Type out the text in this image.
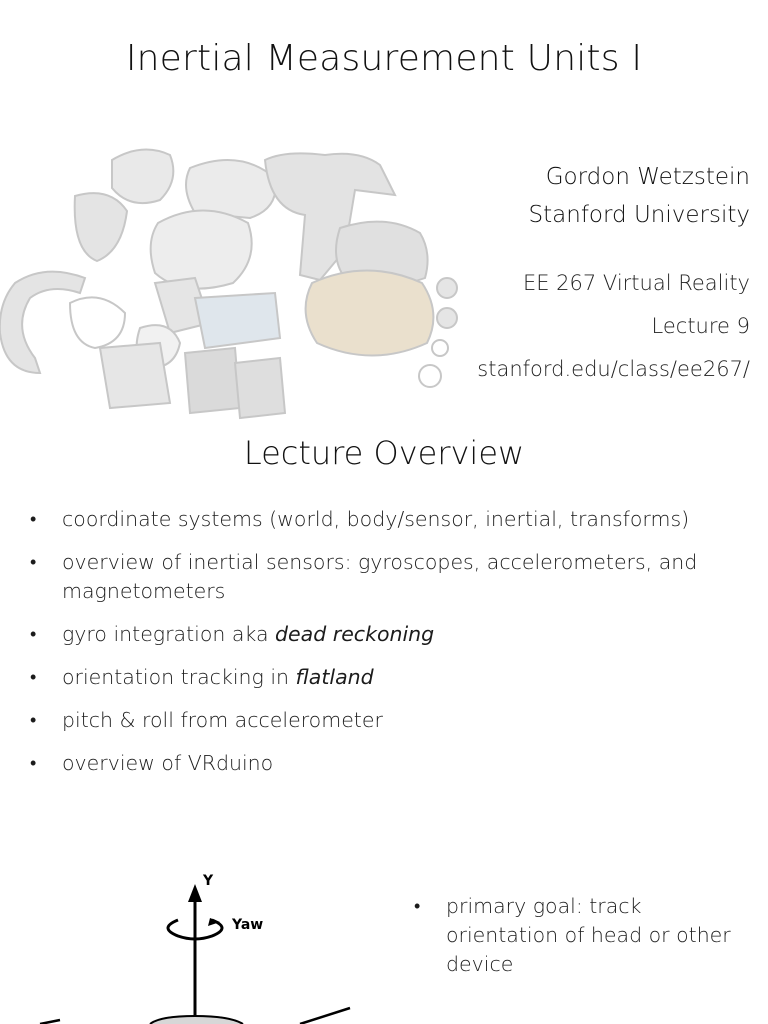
Inertial Measurement Units I
Gordon Wetzstein
Stanford University
EE 267 Virtual Reality
Lecture 9
stanford.edu/class/ee267/
Lecture Overview
• coordinate systems (world, body/sensor, inertial, transforms)
• overview of inertial sensors: gyroscopes, accelerometers, and magnetometers
• gyro integration aka dead reckoning
• orientation tracking in flatland
• pitch & roll from accelerometer
• overview of VRduino
Y
Yaw
• primary goal: track orientation of head or other device
